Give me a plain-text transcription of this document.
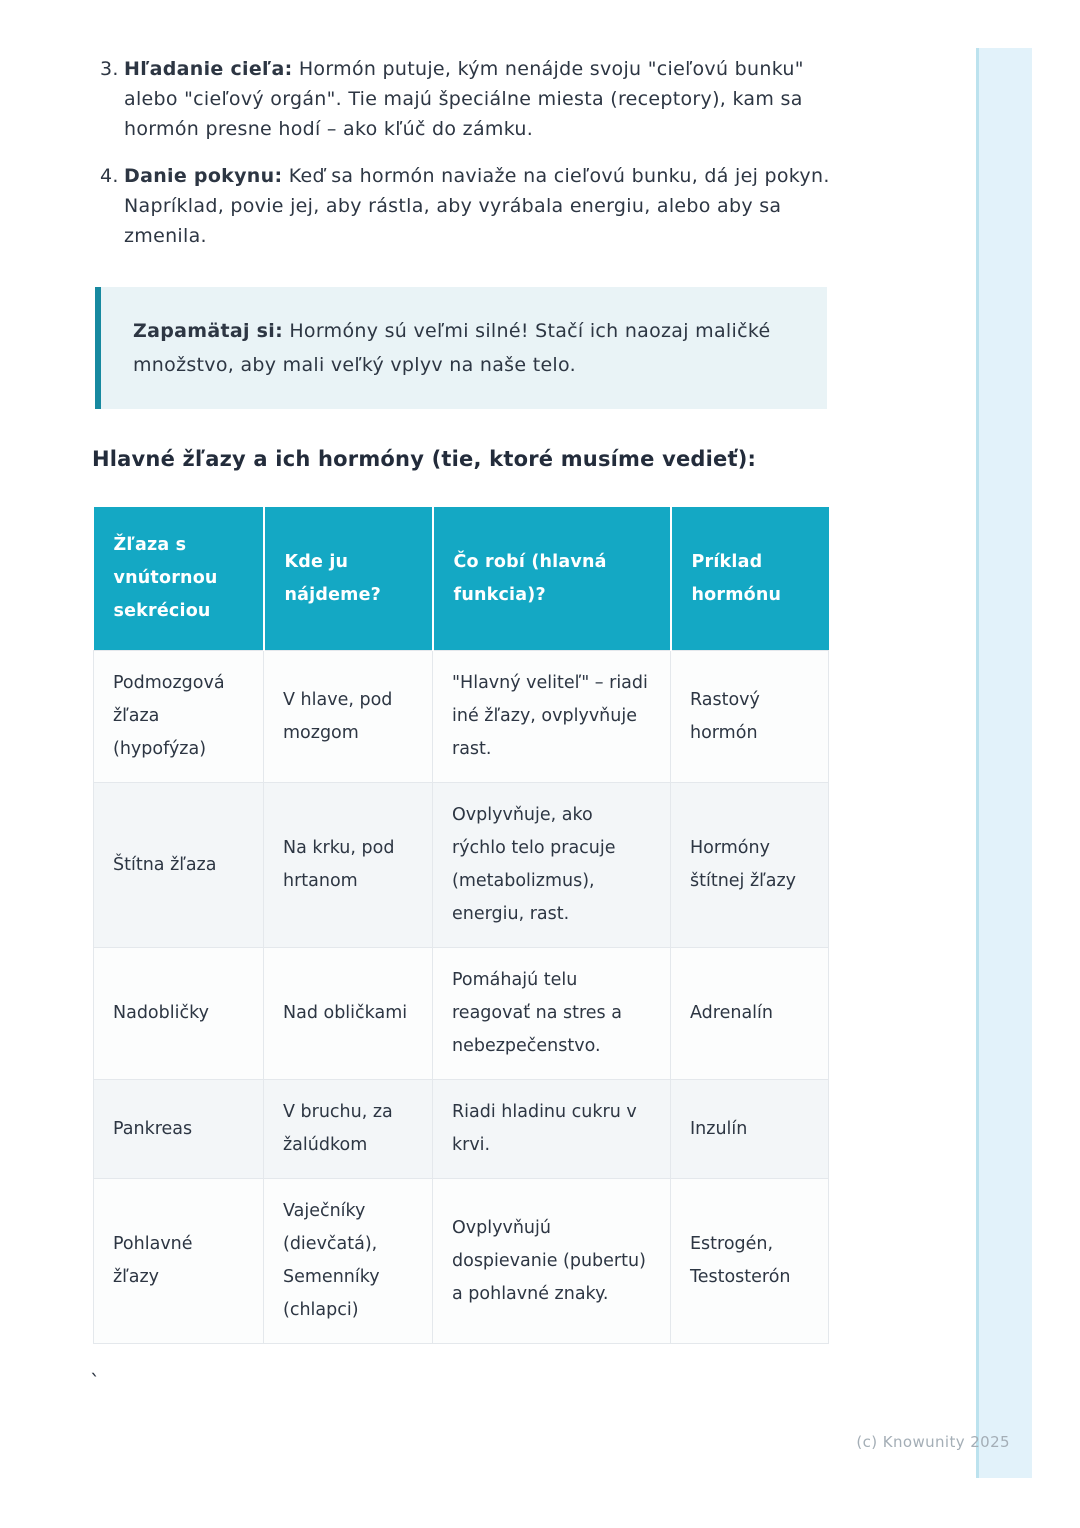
3. Hľadanie cieľa: Hormón putuje, kým nenájde svoju "cieľovú bunku" alebo "cieľový orgán". Tie majú špeciálne miesta (receptory), kam sa hormón presne hodí – ako kľúč do zámku.

4. Danie pokynu: Keď sa hormón naviaže na cieľovú bunku, dá jej pokyn. Napríklad, povie jej, aby rástla, aby vyrábala energiu, alebo aby sa zmenila.

Zapamätaj si: Hormóny sú veľmi silné! Stačí ich naozaj maličké množstvo, aby mali veľký vplyv na naše telo.

Hlavné žľazy a ich hormóny (tie, ktoré musíme vedieť):
Žľaza s vnútornou sekréciou	Kde ju nájdeme?	Čo robí (hlavná funkcia)?	Príklad hormónu
Podmozgová žľaza (hypofýza)	V hlave, pod mozgom	"Hlavný veliteľ" – riadi iné žľazy, ovplyvňuje rast.	Rastový hormón
Štítna žľaza	Na krku, pod hrtanom	Ovplyvňuje, ako rýchlo telo pracuje (metabolizmus), energiu, rast.	Hormóny štítnej žľazy
Nadobličky	Nad obličkami	Pomáhajú telu reagovať na stres a nebezpečenstvo.	Adrenalín
Pankreas	V bruchu, za žalúdkom	Riadi hladinu cukru v krvi.	Inzulín
Pohlavné žľazy	Vaječníky (dievčatá), Semenníky (chlapci)	Ovplyvňujú dospievanie (pubertu) a pohlavné znaky.	Estrogén, Testosterón
`
(c) Knowunity 2025
